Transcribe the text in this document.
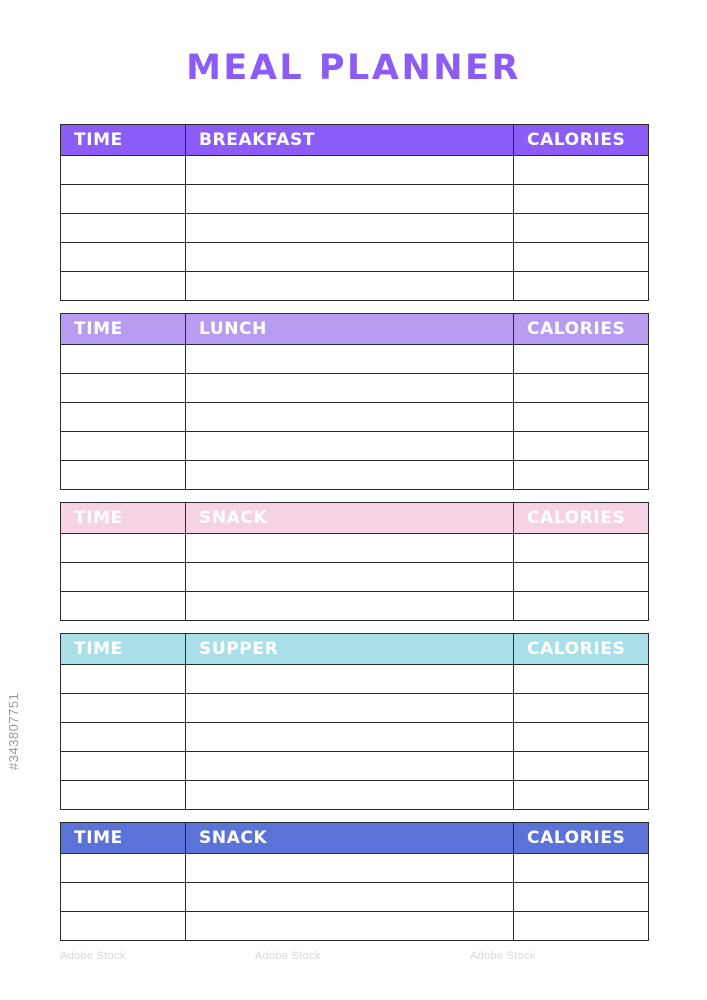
#343807751
Adobe Stock	Adobe Stock	Adobe Stock
MEAL PLANNER
TIME	BREAKFAST	CALORIES

TIME	LUNCH	CALORIES

TIME	SNACK	CALORIES

TIME	SUPPER	CALORIES

TIME	SNACK	CALORIES
